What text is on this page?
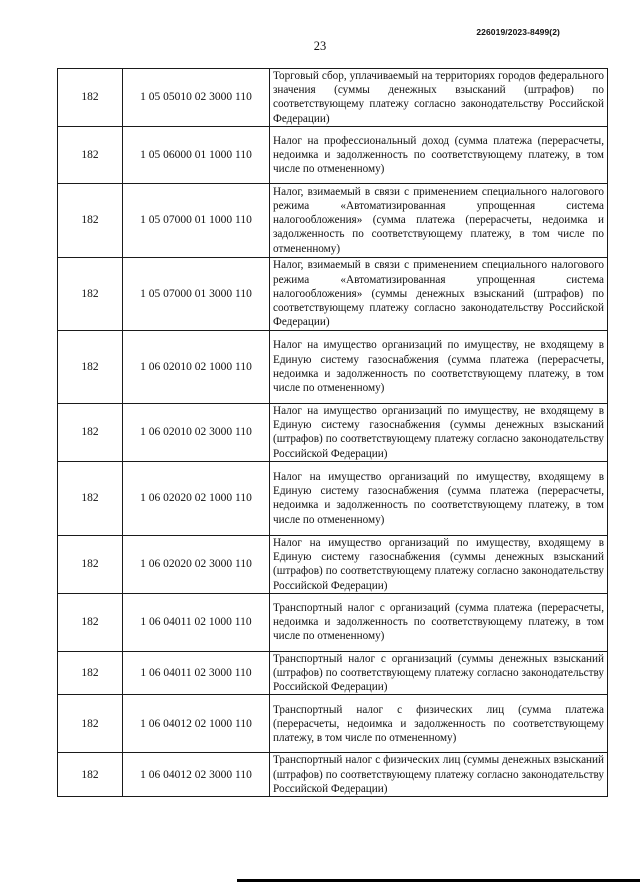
226019/2023-8499(2)
23
182	1 05 05010 02 3000 110	Торговый сбор, уплачиваемый на территориях городов федерального значения (суммы денежных взысканий (штрафов) по соответствующему платежу согласно законодательству Российской Федерации)
182	1 05 06000 01 1000 110	Налог на профессиональный доход (сумма платежа (перерасчеты, недоимка и задолженность по соответствующему платежу, в том числе по отмененному)
182	1 05 07000 01 1000 110	Налог, взимаемый в связи с применением специального налогового режима «Автоматизированная упрощенная система налогообложения» (сумма платежа (перерасчеты, недоимка и задолженность по соответствующему платежу, в том числе по отмененному)
182	1 05 07000 01 3000 110	Налог, взимаемый в связи с применением специального налогового режима «Автоматизированная упрощенная система налогообложения» (суммы денежных взысканий (штрафов) по соответствующему платежу согласно законодательству Российской Федерации)
182	1 06 02010 02 1000 110	Налог на имущество организаций по имуществу, не входящему в Единую систему газоснабжения (сумма платежа (перерасчеты, недоимка и задолженность по соответствующему платежу, в том числе по отмененному)
182	1 06 02010 02 3000 110	Налог на имущество организаций по имуществу, не входящему в Единую систему газоснабжения (суммы денежных взысканий (штрафов) по соответствующему платежу согласно законодательству Российской Федерации)
182	1 06 02020 02 1000 110	Налог на имущество организаций по имуществу, входящему в Единую систему газоснабжения (сумма платежа (перерасчеты, недоимка и задолженность по соответствующему платежу, в том числе по отмененному)
182	1 06 02020 02 3000 110	Налог на имущество организаций по имуществу, входящему в Единую систему газоснабжения (суммы денежных взысканий (штрафов) по соответствующему платежу согласно законодательству Российской Федерации)
182	1 06 04011 02 1000 110	Транспортный налог с организаций (сумма платежа (перерасчеты, недоимка и задолженность по соответствующему платежу, в том числе по отмененному)
182	1 06 04011 02 3000 110	Транспортный налог с организаций (суммы денежных взысканий (штрафов) по соответствующему платежу согласно законодательству Российской Федерации)
182	1 06 04012 02 1000 110	Транспортный налог с физических лиц (сумма платежа (перерасчеты, недоимка и задолженность по соответствующему платежу, в том числе по отмененному)
182	1 06 04012 02 3000 110	Транспортный налог с физических лиц (суммы денежных взысканий (штрафов) по соответствующему платежу согласно законодательству Российской Федерации)
